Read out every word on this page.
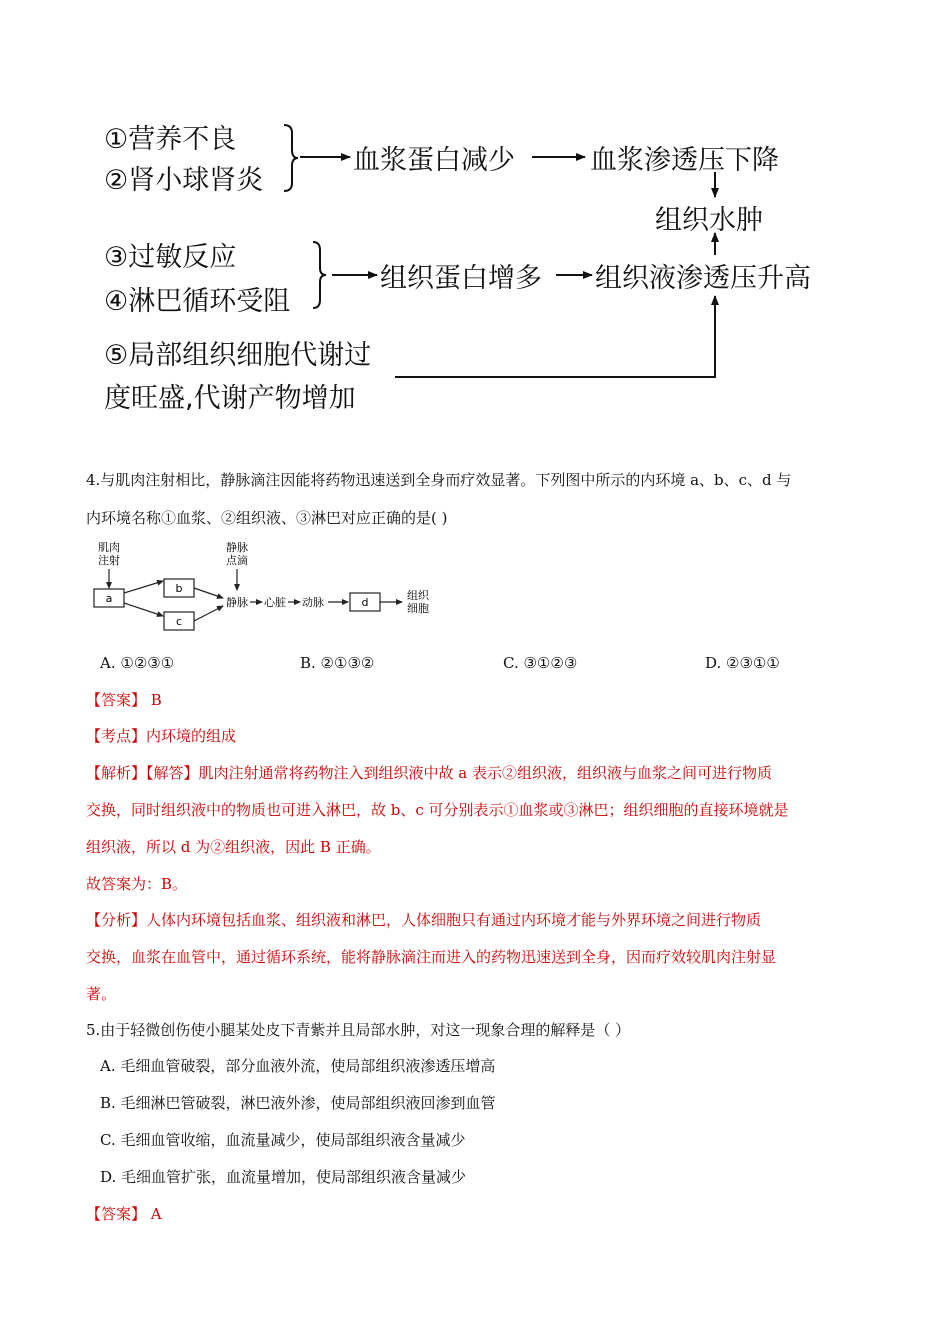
①营养不良
②肾小球肾炎
血浆蛋白减少	血浆渗透压下降
组织水肿
③过敏反应
④淋巴循环受阻
组织蛋白增多 组织液渗透压升高
⑤局部组织细胞代谢过
度旺盛,代谢产物增加
4.与肌肉注射相比，静脉滴注因能将药物迅速送到全身而疗效显著。下列图中所示的内环境 a、b、c、d 与
内环境名称①血浆、②组织液、③淋巴对应正确的是( )
肌肉
注射
a
b
c
静脉
点滴
静脉 心脏 动脉	d
组织
细胞
A. ①②③①	B. ②①③②	C. ③①②③	D. ②③①①
【答案】 B
【考点】内环境的组成
【解析】【解答】肌肉注射通常将药物注入到组织液中故 a 表示②组织液，组织液与血浆之间可进行物质
交换，同时组织液中的物质也可进入淋巴，故 b、c 可分别表示①血浆或③淋巴；组织细胞的直接环境就是
组织液，所以 d 为②组织液，因此 B 正确。
故答案为：B。
【分析】人体内环境包括血浆、组织液和淋巴，人体细胞只有通过内环境才能与外界环境之间进行物质
交换，血浆在血管中，通过循环系统，能将静脉滴注而进入的药物迅速送到全身，因而疗效较肌肉注射显
著。
5.由于轻微创伤使小腿某处皮下青紫并且局部水肿，对这一现象合理的解释是（ ）
A. 毛细血管破裂，部分血液外流，使局部组织液渗透压增高
B. 毛细淋巴管破裂，淋巴液外渗，使局部组织液回渗到血管
C. 毛细血管收缩，血流量减少，使局部组织液含量减少
D. 毛细血管扩张，血流量增加，使局部组织液含量减少
【答案】 A
